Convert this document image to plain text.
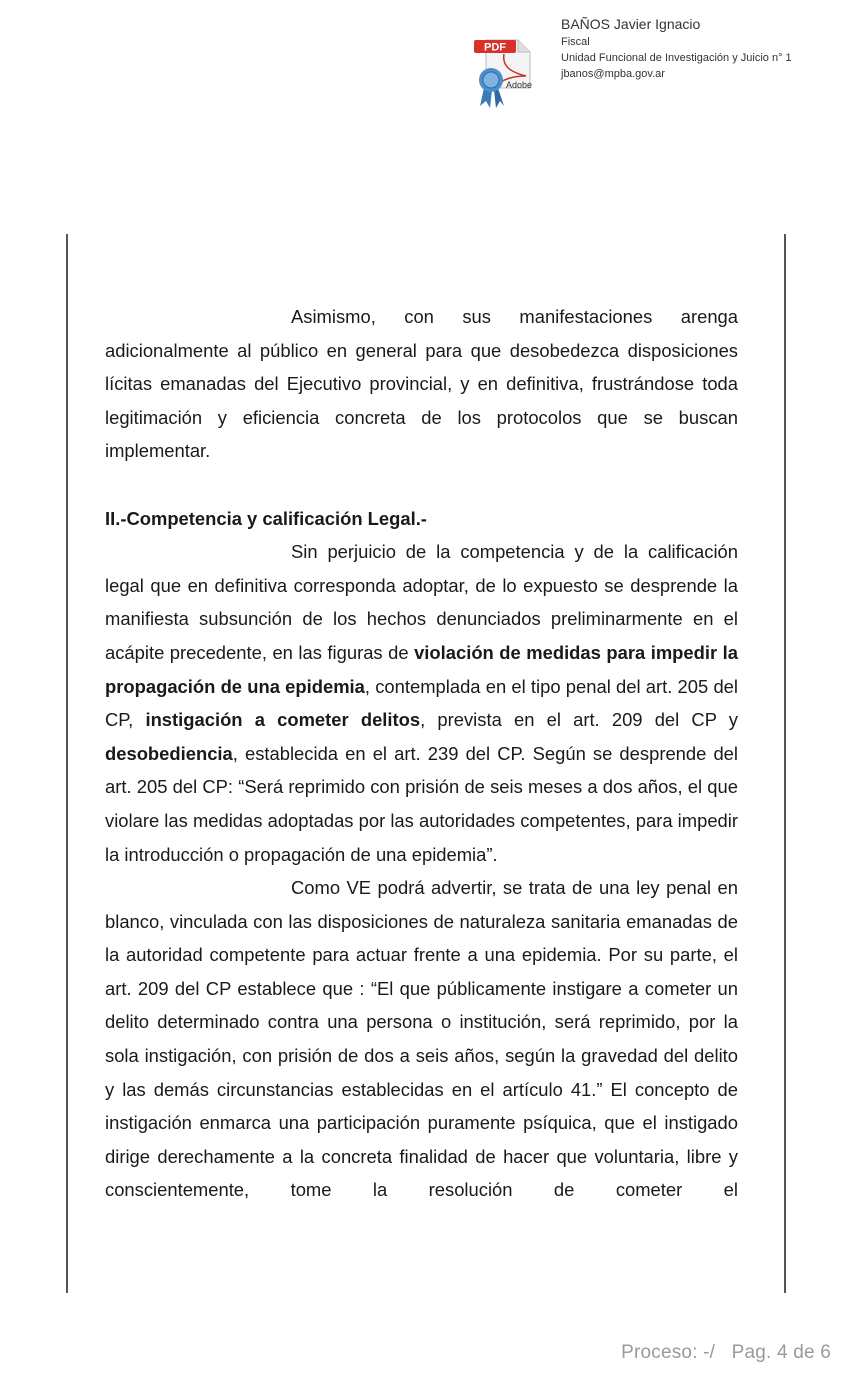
PDF
Adobe
BAÑOS Javier Ignacio
Fiscal
Unidad Funcional de Investigación y Juicio n° 1
jbanos@mpba.gov.ar

Asimismo, con sus manifestaciones arenga adicionalmente al público en general para que desobedezca disposiciones lícitas emanadas del Ejecutivo provincial, y en definitiva, frustrándose toda legitimación y eficiencia concreta de los protocolos que se buscan implementar.

II.-Competencia y calificación Legal.-

Sin perjuicio de la competencia y de la calificación legal que en definitiva corresponda adoptar, de lo expuesto se desprende la manifiesta subsunción de los hechos denunciados preliminarmente en el acápite precedente, en las figuras de violación de medidas para impedir la propagación de una epidemia, contemplada en el tipo penal del art. 205 del CP, instigación a cometer delitos, prevista en el art. 209 del CP y desobediencia, establecida en el art. 239 del CP. Según se desprende del art. 205 del CP: “Será reprimido con prisión de seis meses a dos años, el que violare las medidas adoptadas por las autoridades competentes, para impedir la introducción o propagación de una epidemia”.

Como VE podrá advertir, se trata de una ley penal en blanco, vinculada con las disposiciones de naturaleza sanitaria emanadas de la autoridad competente para actuar frente a una epidemia. Por su parte, el art. 209 del CP establece que : “El que públicamente instigare a cometer un delito determinado contra una persona o institución, será reprimido, por la sola instigación, con prisión de dos a seis años, según la gravedad del delito y las demás circunstancias establecidas en el artículo 41.” El concepto de instigación enmarca una participación puramente psíquica, que el instigado dirige derechamente a la concreta finalidad de hacer que voluntaria, libre y conscientemente, tome la resolución de cometer el

Proceso: -/ Pag. 4 de 6
